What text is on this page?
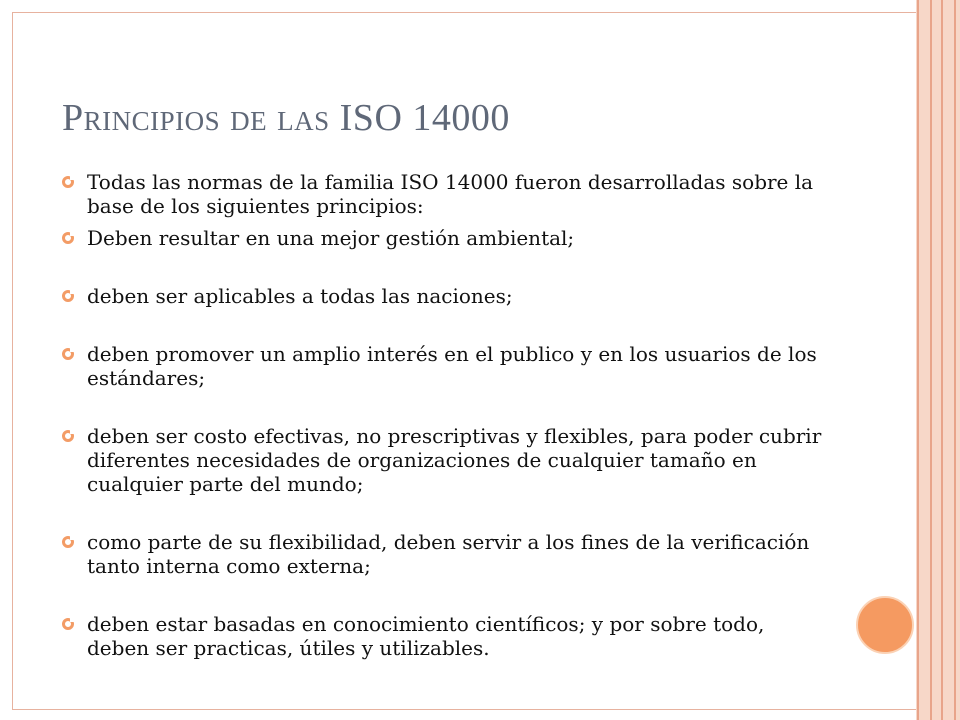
Principios de las ISO 14000
Todas las normas de la familia ISO 14000 fueron desarrolladas sobre la base de los siguientes principios:
Deben resultar en una mejor gestión ambiental;
deben ser aplicables a todas las naciones;
deben promover un amplio interés en el publico y en los usuarios de los estándares;
deben ser costo efectivas, no prescriptivas y flexibles, para poder cubrir diferentes necesidades de organizaciones de cualquier tamaño en cualquier parte del mundo;
como parte de su flexibilidad, deben servir a los fines de la verificación tanto interna como externa;
deben estar basadas en conocimiento científicos; y por sobre todo, deben ser practicas, útiles y utilizables.
